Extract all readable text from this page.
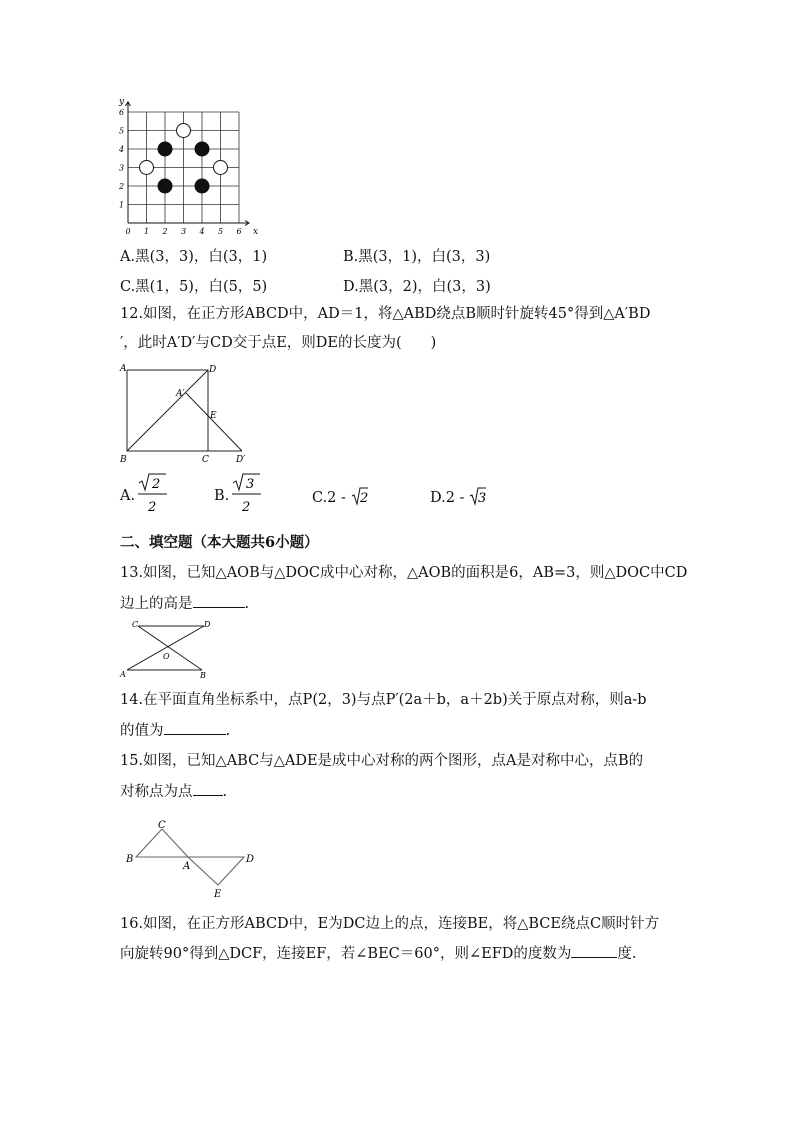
0 1 2 3 4 5 6
1
2
3
4
5
6
y
x
A.黑(3，3)，白(3，1)	B.黑(3，1)，白(3，3)
C.黑(1，5)，白(5，5)	D.黑(3，2)，白(3，3)
12.如图，在正方形ABCD中，AD＝1，将△ABD绕点B顺时针旋转45°得到△A′BD
′，此时A′D′与CD交于点E，则DE的长度为(　　)
A	D
A′
E
B	C	D′
A.
2
2
B.
3
2
C.2 - 2	D.2 - 3
二、填空题（本大题共6小题）
13.如图，已知△AOB与△DOC成中心对称，△AOB的面积是6，AB=3，则△DOC中CD
边上的高是	.
C	D
O
A	B
14.在平面直角坐标系中，点P(2，3)与点P′(2a＋b，a＋2b)关于原点对称，则a-b
的值为	.
15.如图，已知△ABC与△ADE是成中心对称的两个图形，点A是对称中心，点B的
对称点为点 .
C
B
A
D
E
16.如图，在正方形ABCD中，E为DC边上的点，连接BE，将△BCE绕点C顺时针方
向旋转90°得到△DCF，连接EF，若∠BEC＝60°，则∠EFD的度数为	度.
